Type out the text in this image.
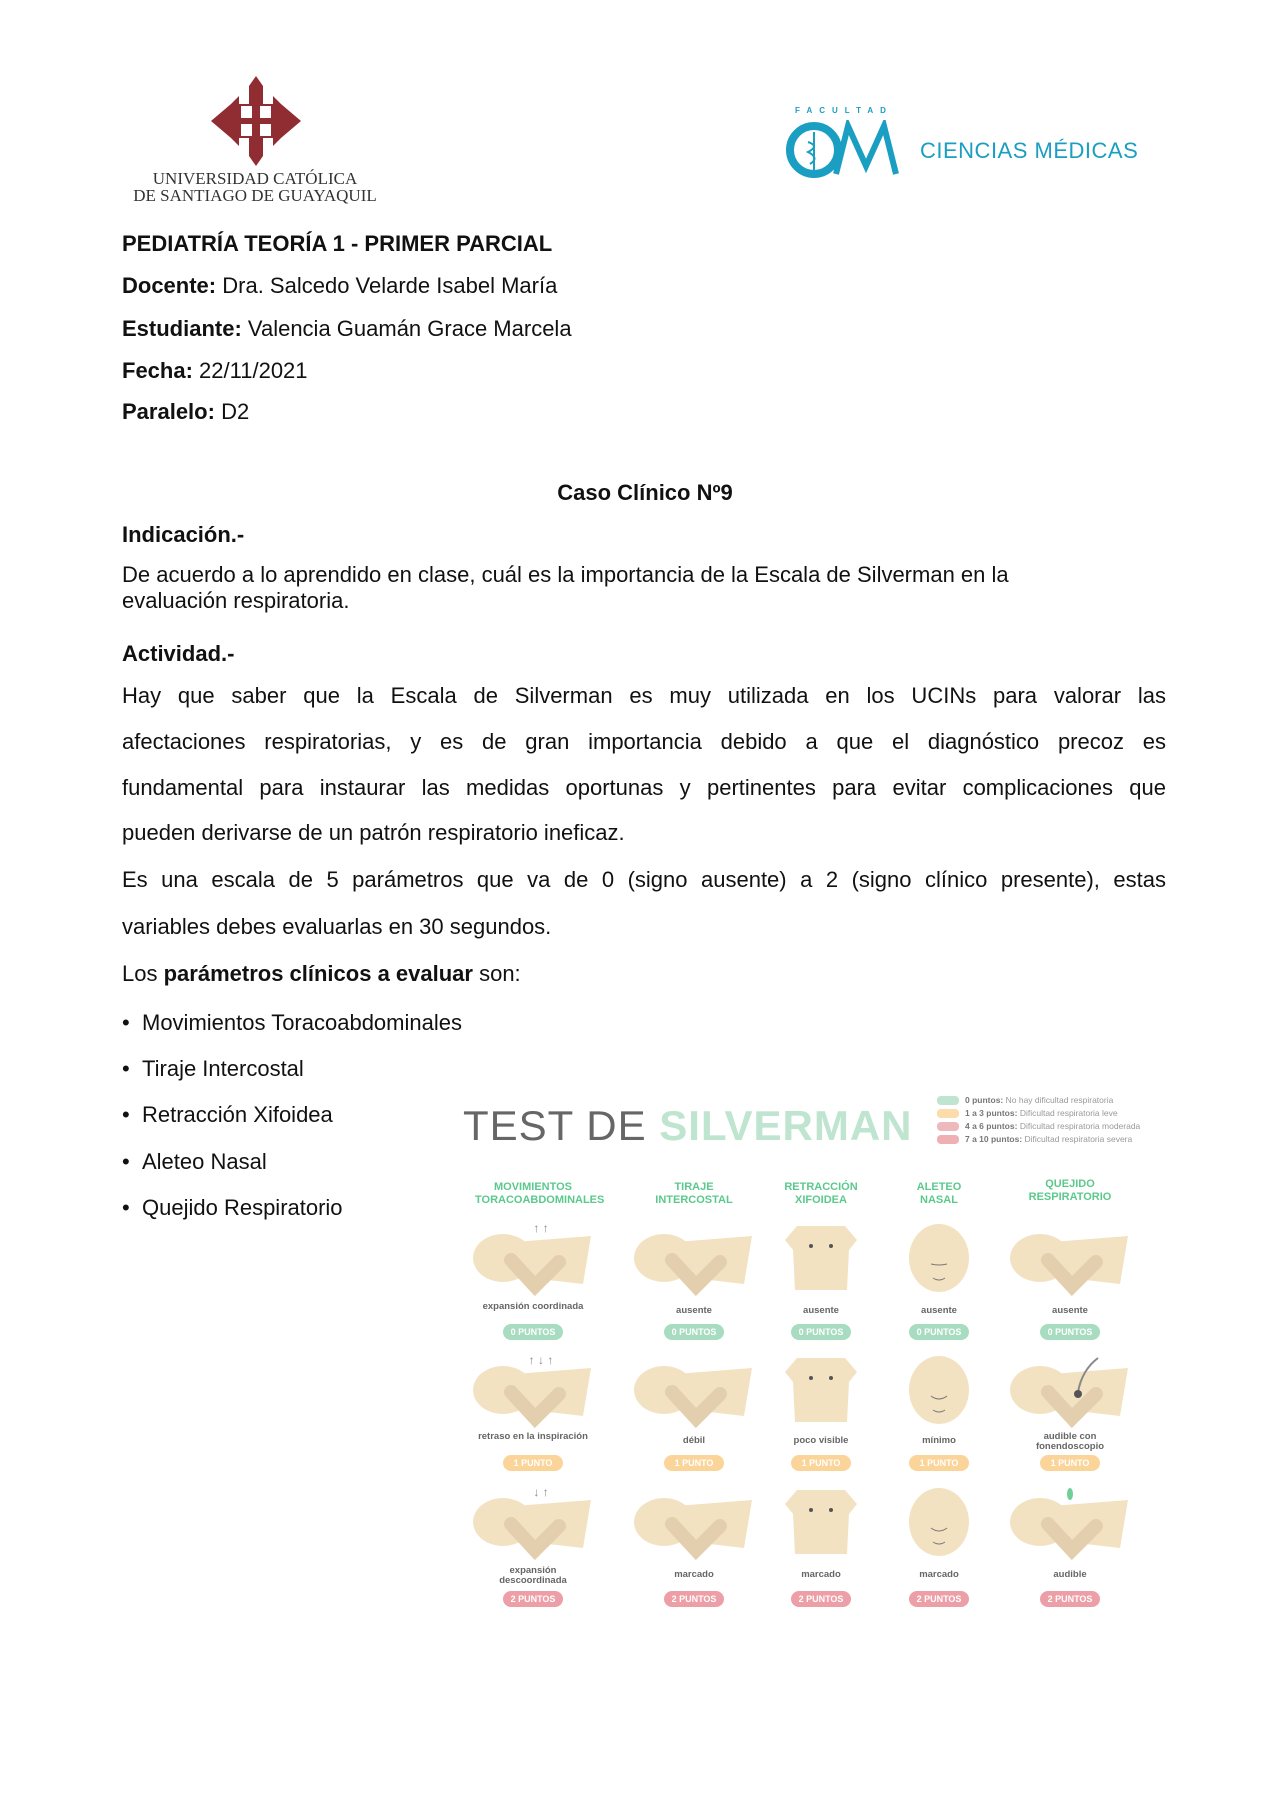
UNIVERSIDAD CATÓLICA
DE SANTIAGO DE GUAYAQUIL
FACULTAD
CIENCIAS MÉDICAS
PEDIATRÍA TEORÍA 1 - PRIMER PARCIAL
Docente: Dra. Salcedo Velarde Isabel María
Estudiante: Valencia Guamán Grace Marcela
Fecha: 22/11/2021
Paralelo: D2
Caso Clínico Nº9
Indicación.-
De acuerdo a lo aprendido en clase, cuál es la importancia de la Escala de Silverman en la
evaluación respiratoria.
Actividad.-
Hay que saber que la Escala de Silverman es muy utilizada en los UCINs para valorar las
afectaciones respiratorias, y es de gran importancia debido a que el diagnóstico precoz es
fundamental para instaurar las medidas oportunas y pertinentes para evitar complicaciones que
pueden derivarse de un patrón respiratorio ineficaz.
Es una escala de 5 parámetros que va de 0 (signo ausente) a 2 (signo clínico presente), estas
variables debes evaluarlas en 30 segundos.
Los parámetros clínicos a evaluar son:
• Movimientos Toracoabdominales
• Tiraje Intercostal
• Retracción Xifoidea
• Aleteo Nasal
• Quejido Respiratorio
TEST DE SILVERMAN
0 puntos:
No hay dificultad respiratoria
1 a 3 puntos:
Dificultad respiratoria leve
4 a 6 puntos:
Dificultad respiratoria moderada
7 a 10 puntos:
Dificultad respiratoria severa
↑ ↑
↑ ↓ ↑
↓ ↑
MOVIMIENTOS
TORACOABDOMINALES
expansión coordinada
0 PUNTOS
retraso en la inspiración
1 PUNTO
expansión descoordinada
2 PUNTOS
TIRAJE
INTERCOSTAL
ausente
0 PUNTOS
débil
1 PUNTO
marcado
2 PUNTOS
RETRACCIÓN
XIFOIDEA
ausente
0 PUNTOS
poco visible
1 PUNTO
marcado
2 PUNTOS
ALETEO
NASAL
ausente
0 PUNTOS
mínimo
1 PUNTO
marcado
2 PUNTOS
QUEJIDO
RESPIRATORIO
ausente
0 PUNTOS
audible con fonendoscopio
1 PUNTO
audible
2 PUNTOS
